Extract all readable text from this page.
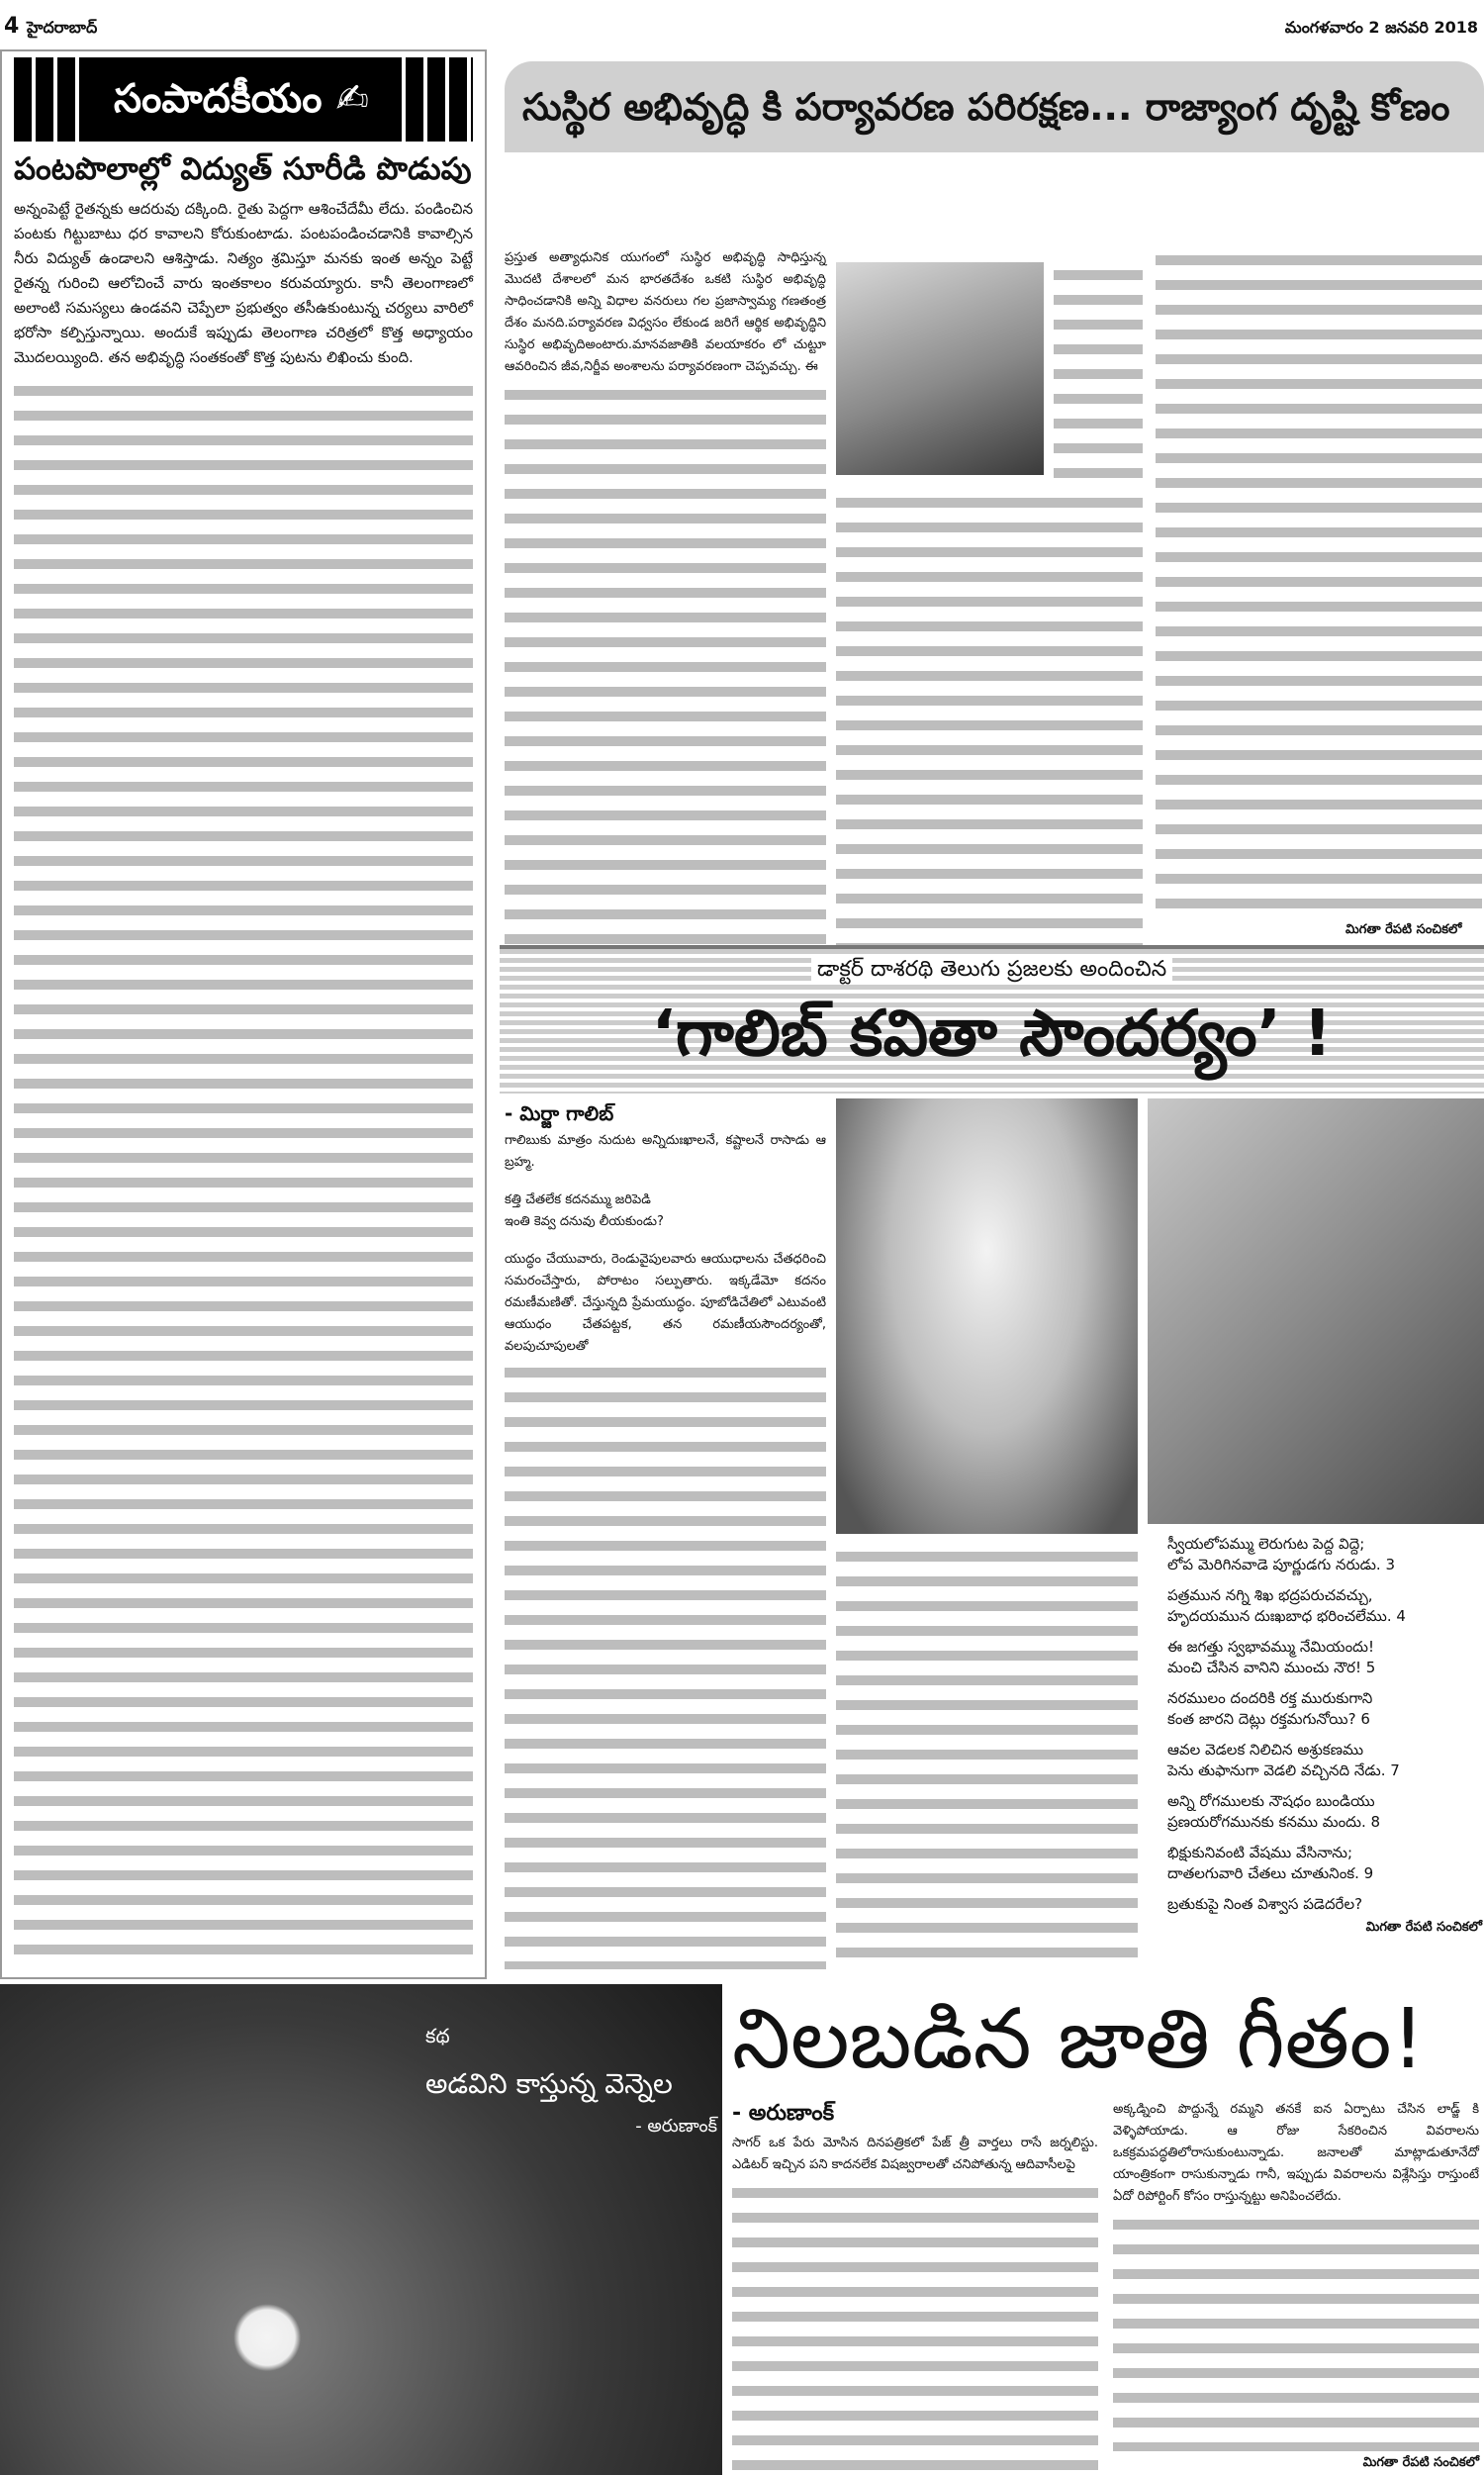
4 హైదరాబాద్	మంగళవారం 2 జనవరి 2018
సంపాదకీయం ✍
పంటపొలాల్లో విద్యుత్ సూరీడి పొడుపు
అన్నంపెట్టే రైతన్నకు ఆదరువు దక్కింది. రైతు పెద్దగా ఆశించేదేమీ లేదు. పండించిన పంటకు గిట్టుబాటు ధర కావాలని కోరుకుంటాడు. పంటపండించడానికి కావాల్సిన నీరు విద్యుత్ ఉండాలని ఆశిస్తాడు. నిత్యం శ్రమిస్తూ మనకు ఇంత అన్నం పెట్టే రైతన్న గురించి ఆలోచించే వారు ఇంతకాలం కరువయ్యారు. కానీ తెలంగాణలో అలాంటి సమస్యలు ఉండవని చెప్పేలా ప్రభుత్వం తసీఉకుంటున్న చర్యలు వారిలో భరోసా కల్పిస్తున్నాయి. అందుకే ఇప్పుడు తెలంగాణ చరిత్రలో కొత్త అధ్యాయం మొదలయ్యింది. తన అభివృద్ధి సంతకంతో కొత్త పుటను లిఖించు కుంది.
సుస్థిర అభివృద్ధి కి పర్యావరణ పరిరక్షణ... రాజ్యాంగ దృష్టి కోణం
ప్రస్తుత అత్యాధునిక యుగంలో సుస్థిర అభివృద్ధి సాధిస్తున్న మొదటి దేశాలలో మన భారతదేశం ఒకటి సుస్థిర అభివృద్ధి సాధించడానికి అన్ని విధాల వనరులు గల ప్రజాస్వామ్య గణతంత్ర దేశం మనది.పర్యావరణ విధ్వసం లేకుండ జరిగే ఆర్థిక అభివృద్ధిని సుస్థిర అభివృదిఅంటారు.మానవజాతికి వలయాకరం లో చుట్టూ ఆవరించిన జీవ,నిర్జీవ అంశాలను పర్యావరణంగా చెప్పవచ్చు. ఈ
మిగతా రేపటి సంచికలో
డాక్టర్ దాశరథి తెలుగు ప్రజలకు అందించిన
‘గాలిబ్ కవితా సౌందర్యం’ !
- మిర్జా గాలిబ్

గాలిబుకు మాత్రం నుదుట అన్నిదుఃఖాలనే, కష్టాలనే రాసాడు ఆ బ్రహ్మ.

కత్తి చేతలేక కదనమ్ము జరిపెడి

ఇంతి కెవ్వ దనువు లీయకుండు?

యుద్ధం చేయువారు, రెండువైపులవారు ఆయుధాలను చేతధరించి సమరంచేస్తారు, పోరాటం సల్పుతారు. ఇక్కడేమో కదనం రమణీమణితో. చేస్తున్నది ప్రేమయుద్ధం. పూబోడిచేతిలో ఎటువంటి ఆయుధం చేతపట్టక, తన రమణీయసౌందర్యంతో, వలపుచూపులతో

స్వీయలోపమ్ము లెరుగుట పెద్ద విద్దె;
లోప మెరిగినవాడె పూర్ణుడగు నరుడు. 3

పత్రమున నగ్ని శిఖ భద్రపరుచవచ్చు,
హృదయమున దుఃఖబాధ భరించలేము. 4

ఈ జగత్తు స్వభావమ్ము నేమియందు!
మంచి చేసిన వానిని ముంచు నౌర! 5

నరములం దందరికి రక్త మురుకుగాని
కంత జారని దెట్లు రక్తమగునోయి? 6

ఆవల వెడలక నిలిచిన అశ్రుకణము
పెను తుఫానుగా వెడలి వచ్చినది నేడు. 7

అన్ని రోగములకు నౌషధం బుండియు
ప్రణయరోగమునకు కనము మందు. 8

భిక్షుకునివంటి వేషము వేసినాను;
దాతలగువారి చేతలు చూతునింక. 9

బ్రతుకుపై నింత విశ్వాస పడెదరేల?
మిగతా రేపటి సంచికలో
కథ
అడవిని కాస్తున్న వెన్నెల
- అరుణాంక్
నిలబడిన జాతి గీతం!
- అరుణాంక్
సాగర్ ఒక పేరు మోసిన దినపత్రికలో పేజ్ త్రీ వార్తలు రాసే జర్నలిస్టు. ఎడిటర్ ఇచ్చిన పని కాదనలేక విషజ్వరాలతో చనిపోతున్న ఆదివాసీలపై
అక్కడ్నించి పొద్దున్నే రమ్మని తనకే ఐన ఏర్పాటు చేసిన లాడ్జ్ కి వెళ్ళిపోయాడు. ఆ రోజు సేకరించిన వివరాలను ఒకక్రమపద్ధతిలోరాసుకుంటున్నాడు. జనాలతో మాట్లాడుతూనేదో యాంత్రికంగా రాసుకున్నాడు గానీ, ఇప్పుడు వివరాలను విశ్లేసిస్తు రాస్తుంటే ఏదో రిపోర్టింగ్ కోసం రాస్తున్నట్టు అనిపించలేదు.
మిగతా రేపటి సంచికలో
